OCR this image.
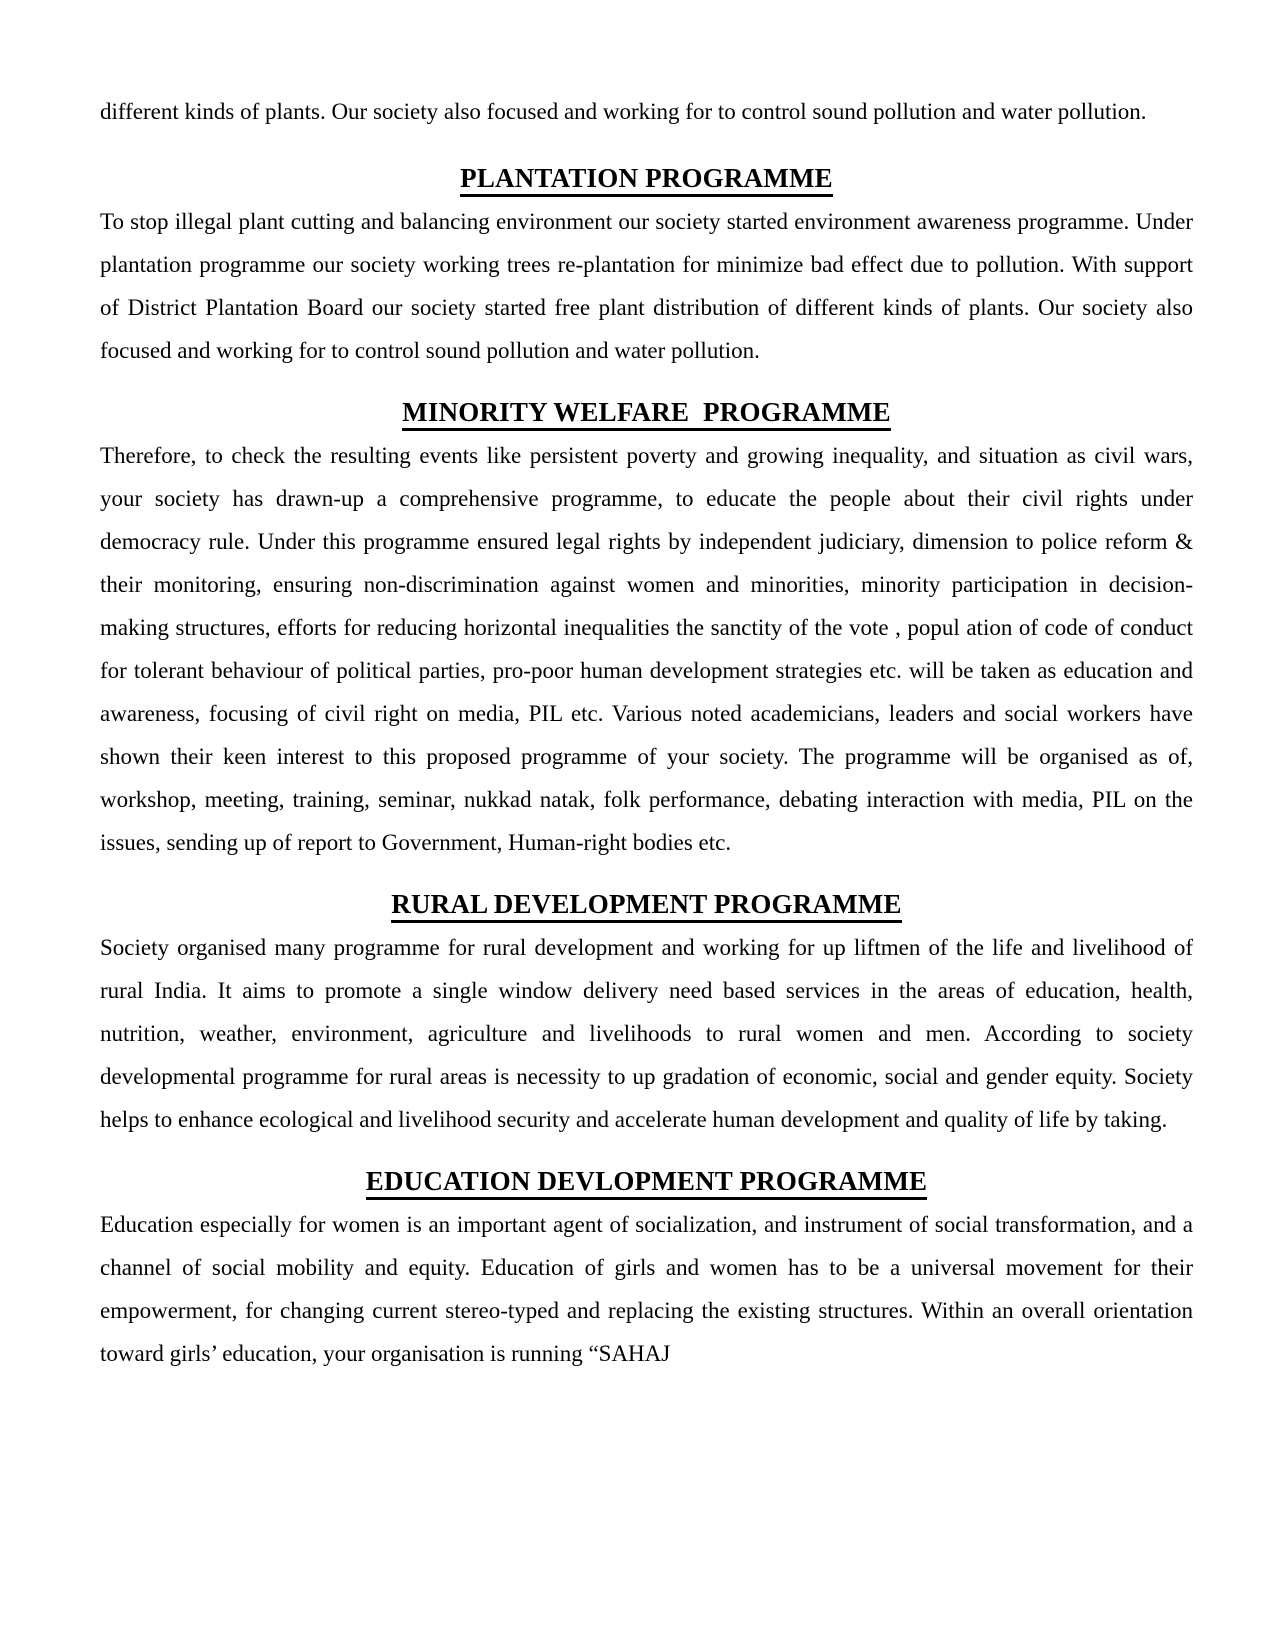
different kinds of plants. Our society also focused and working for to control sound pollution and water pollution.

PLANTATION PROGRAMME

To stop illegal plant cutting and balancing environment our society started environment awareness programme. Under plantation programme our society working trees re-plantation for minimize bad effect due to pollution. With support of District Plantation Board our society started free plant distribution of different kinds of plants. Our society also focused and working for to control sound pollution and water pollution.

MINORITY WELFARE  PROGRAMME

Therefore, to check the resulting events like persistent poverty and growing inequality, and situation as civil wars, your society has drawn-up a comprehensive programme, to educate the people about their civil rights under democracy rule. Under this programme ensured legal rights by independent judiciary, dimension to police reform & their monitoring, ensuring non-discrimination against women and minorities, minority participation in decision-making structures, efforts for reducing horizontal inequalities the sanctity of the vote , popul ation of code of conduct for tolerant behaviour of political parties, pro-poor human development strategies etc. will be taken as education and awareness, focusing of civil right on media, PIL etc. Various noted academicians, leaders and social workers have shown their keen interest to this proposed programme of your society. The programme will be organised as of, workshop, meeting, training, seminar, nukkad natak, folk performance, debating interaction with media, PIL on the issues, sending up of report to Government, Human-right bodies etc.

RURAL DEVELOPMENT PROGRAMME

Society organised many programme for rural development and working for up liftmen of the life and livelihood of rural India. It aims to promote a single window delivery need based services in the areas of education, health, nutrition, weather, environment, agriculture and livelihoods to rural women and men. According to society developmental programme for rural areas is necessity to up gradation of economic, social and gender equity. Society helps to enhance ecological and livelihood security and accelerate human development and quality of life by taking.

EDUCATION DEVLOPMENT PROGRAMME

Education especially for women is an important agent of socialization, and instrument of social transformation, and a channel of social mobility and equity. Education of girls and women has to be a universal movement for their empowerment, for changing current stereo-typed and replacing the existing structures. Within an overall orientation toward girls’ education, your organisation is running “SAHAJ
